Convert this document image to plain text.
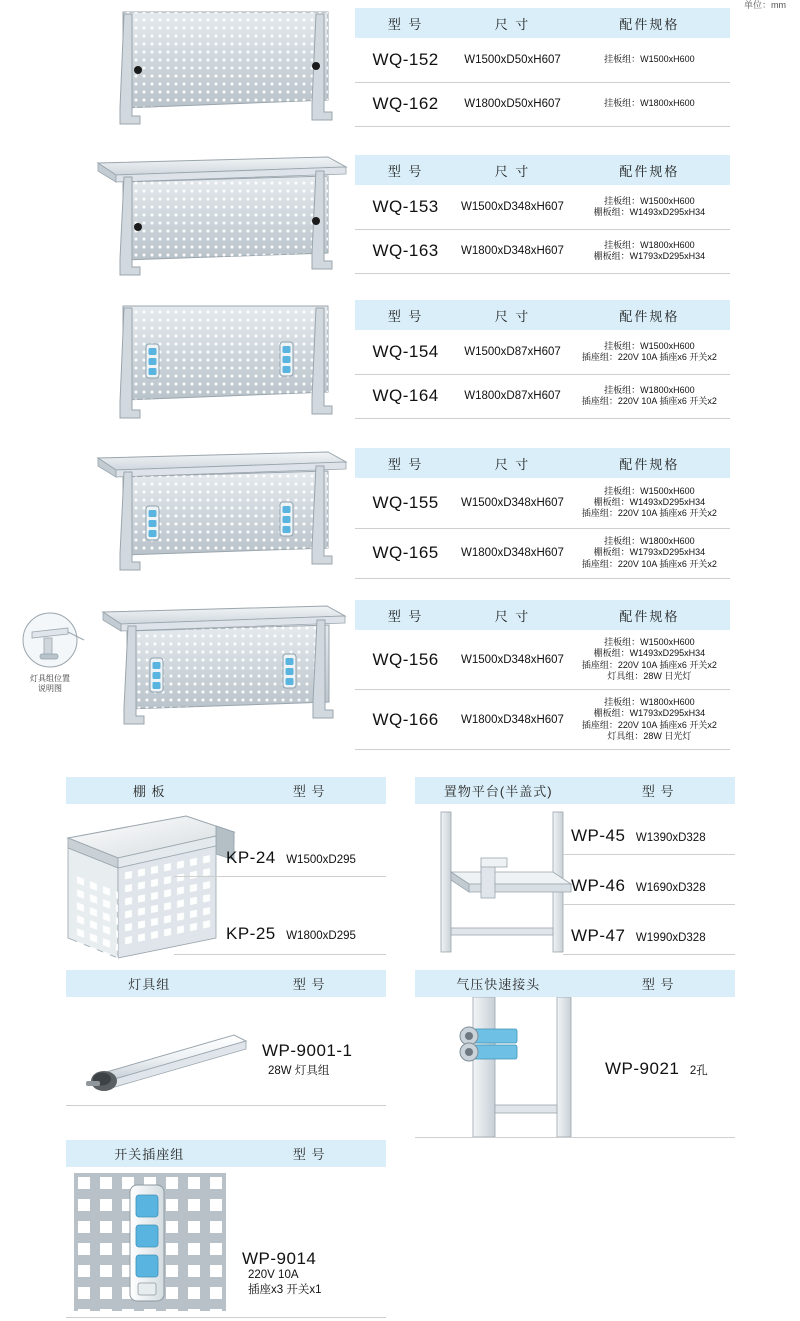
单位：mm
型 号	尺 寸	配件规格
WQ-152	W1500xD50xH607	挂板组：W1500xH600
WQ-162	W1800xD50xH607	挂板组：W1800xH600
型 号	尺 寸	配件规格
WQ-153	W1500xD348xH607	挂板组：W1500xH600
棚板组：W1493xD295xH34

WQ-163	W1800xD348xH607	挂板组：W1800xH600
棚板组：W1793xD295xH34
型 号	尺 寸	配件规格
WQ-154	W1500xD87xH607	挂板组：W1500xH600
插座组：220V 10A 插座x6 开关x2

WQ-164	W1800xD87xH607	挂板组：W1800xH600
插座组：220V 10A 插座x6 开关x2
型 号	尺 寸	配件规格
WQ-155	W1500xD348xH607	挂板组：W1500xH600
棚板组：W1493xD295xH34
插座组：220V 10A 插座x6 开关x2

WQ-165	W1800xD348xH607	挂板组：W1800xH600
棚板组：W1793xD295xH34
插座组：220V 10A 插座x6 开关x2
灯具组位置
说明图
型 号	尺 寸	配件规格
WQ-156	W1500xD348xH607	挂板组：W1500xH600
棚板组：W1493xD295xH34
插座组：220V 10A 插座x6 开关x2
灯具组：28W 日光灯

WQ-166	W1800xD348xH607	挂板组：W1800xH600
棚板组：W1793xD295xH34
插座组：220V 10A 插座x6 开关x2
灯具组：28W 日光灯
棚 板	型 号
KP-24 W1500xD295
KP-25 W1800xD295
置物平台(半盖式)	型 号
WP-45 W1390xD328
WP-46 W1690xD328
WP-47 W1990xD328
灯具组	型 号
WP-9001-1 28W 灯具组
气压快速接头	型 号
WP-9021 2孔
开关插座组	型 号
WP-9014
220V 10A
插座x3 开关x1
